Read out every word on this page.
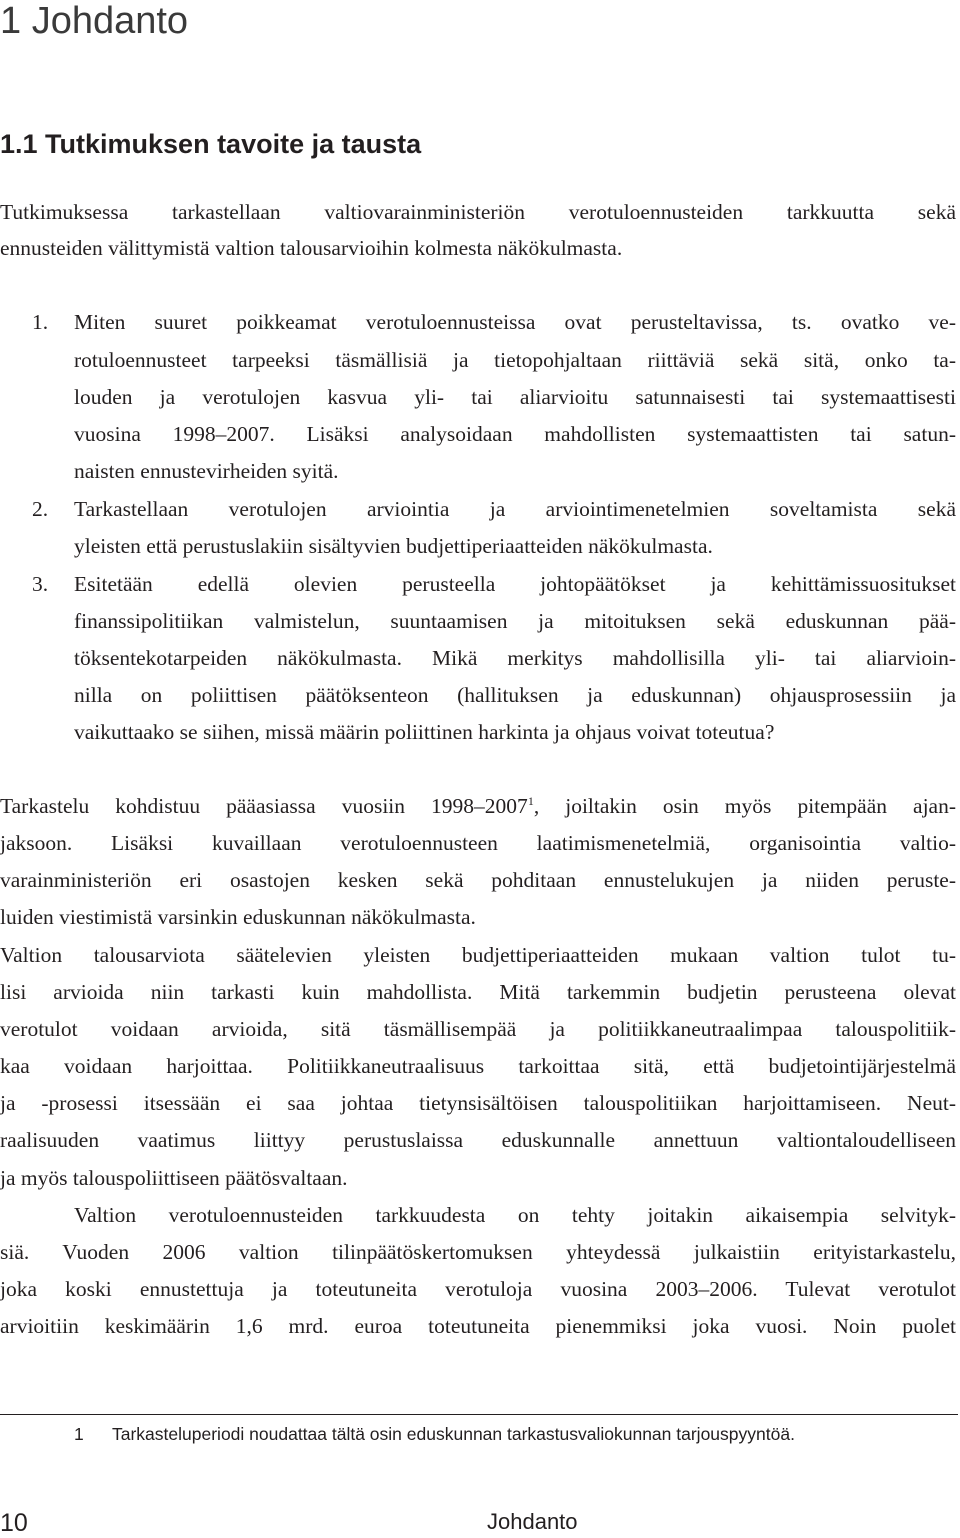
1 Johdanto
1.1 Tutkimuksen tavoite ja tausta
Tutkimuksessa tarkastellaan valtiovarainministeriön verotuloennusteiden tarkkuutta sekä
ennusteiden välittymistä valtion talousarvioihin kolmesta näkökulmasta.
1. Miten suuret poikkeamat verotuloennusteissa ovat perusteltavissa, ts. ovatko ve-
rotuloennusteet tarpeeksi täsmällisiä ja tietopohjaltaan riittäviä sekä sitä, onko ta-
louden ja verotulojen kasvua yli- tai aliarvioitu satunnaisesti tai systemaattisesti
vuosina 1998–2007. Lisäksi analysoidaan mahdollisten systemaattisten tai satun-
naisten ennustevirheiden syitä.
2. Tarkastellaan verotulojen arviointia ja arviointimenetelmien soveltamista sekä
yleisten että perustuslakiin sisältyvien budjettiperiaatteiden näkökulmasta.
3. Esitetään edellä olevien perusteella johtopäätökset ja kehittämissuositukset
finanssipolitiikan valmistelun, suuntaamisen ja mitoituksen sekä eduskunnan pää-
töksentekotarpeiden näkökulmasta. Mikä merkitys mahdollisilla yli- tai aliarvioin-
nilla on poliittisen päätöksenteon (hallituksen ja eduskunnan) ohjausprosessiin ja
vaikuttaako se siihen, missä määrin poliittinen harkinta ja ohjaus voivat toteutua?
Tarkastelu kohdistuu pääasiassa vuosiin 1998–2007$^1$, joiltakin osin myös pitempään ajan-
jaksoon. Lisäksi kuvaillaan verotuloennusteen laatimismenetelmiä, organisointia valtio-
varainministeriön eri osastojen kesken sekä pohditaan ennustelukujen ja niiden peruste-
luiden viestimistä varsinkin eduskunnan näkökulmasta.
Valtion talousarviota säätelevien yleisten budjettiperiaatteiden mukaan valtion tulot tu-
lisi arvioida niin tarkasti kuin mahdollista. Mitä tarkemmin budjetin perusteena olevat
verotulot voidaan arvioida, sitä täsmällisempää ja politiikkaneutraalimpaa talouspolitiik-
kaa voidaan harjoittaa. Politiikkaneutraalisuus tarkoittaa sitä, että budjetointijärjestelmä
ja -prosessi itsessään ei saa johtaa tietynsisältöisen talouspolitiikan harjoittamiseen. Neut-
raalisuuden vaatimus liittyy perustuslaissa eduskunnalle annettuun valtiontaloudelliseen
ja myös talouspoliittiseen päätösvaltaan.
Valtion verotuloennusteiden tarkkuudesta on tehty joitakin aikaisempia selvityk-
siä. Vuoden 2006 valtion tilinpäätöskertomuksen yhteydessä julkaistiin erityistarkastelu,
joka koski ennustettuja ja toteutuneita verotuloja vuosina 2003–2006. Tulevat verotulot
arvioitiin keskimäärin 1,6 mrd. euroa toteutuneita pienemmiksi joka vuosi. Noin puolet
1 Tarkasteluperiodi noudattaa tältä osin eduskunnan tarkastusvaliokunnan tarjouspyyntöä.
10	Johdanto
